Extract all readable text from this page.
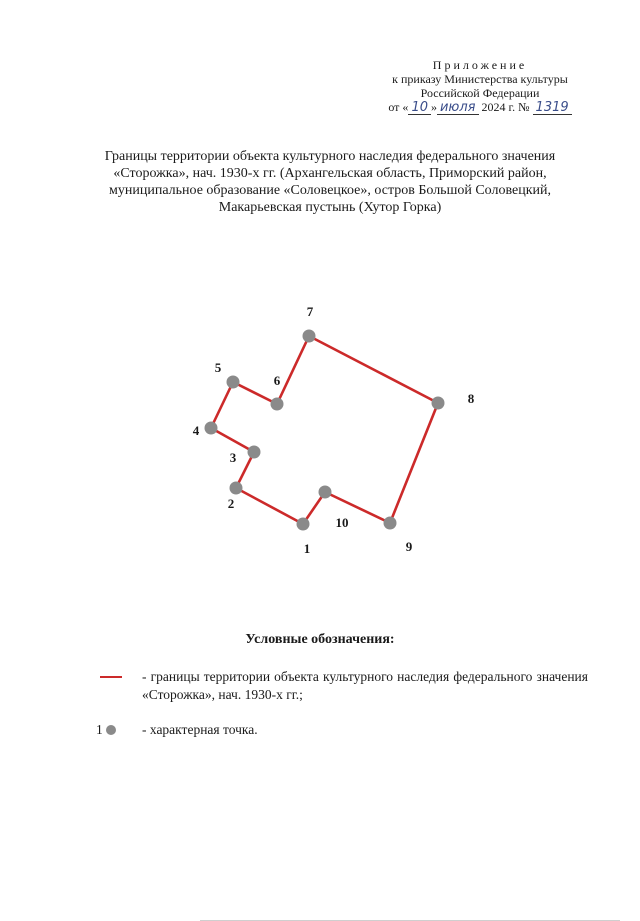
Приложение
к приказу Министерства культуры
Российской Федерации
от « 10 » июля 2024 г. № 1319
Границы территории объекта культурного наследия федерального значения
«Сторожка», нач. 1930-х гг. (Архангельская область, Приморский район,
муниципальное образование «Соловецкое», остров Большой Соловецкий,
Макарьевская пустынь (Хутор Горка)
1
2
3
4
5
6
7
8
9
10
Условные обозначения:
- границы территории объекта культурного наследия федерального значения «Сторожка», нач. 1930-х гг.;
1	- характерная точка.
